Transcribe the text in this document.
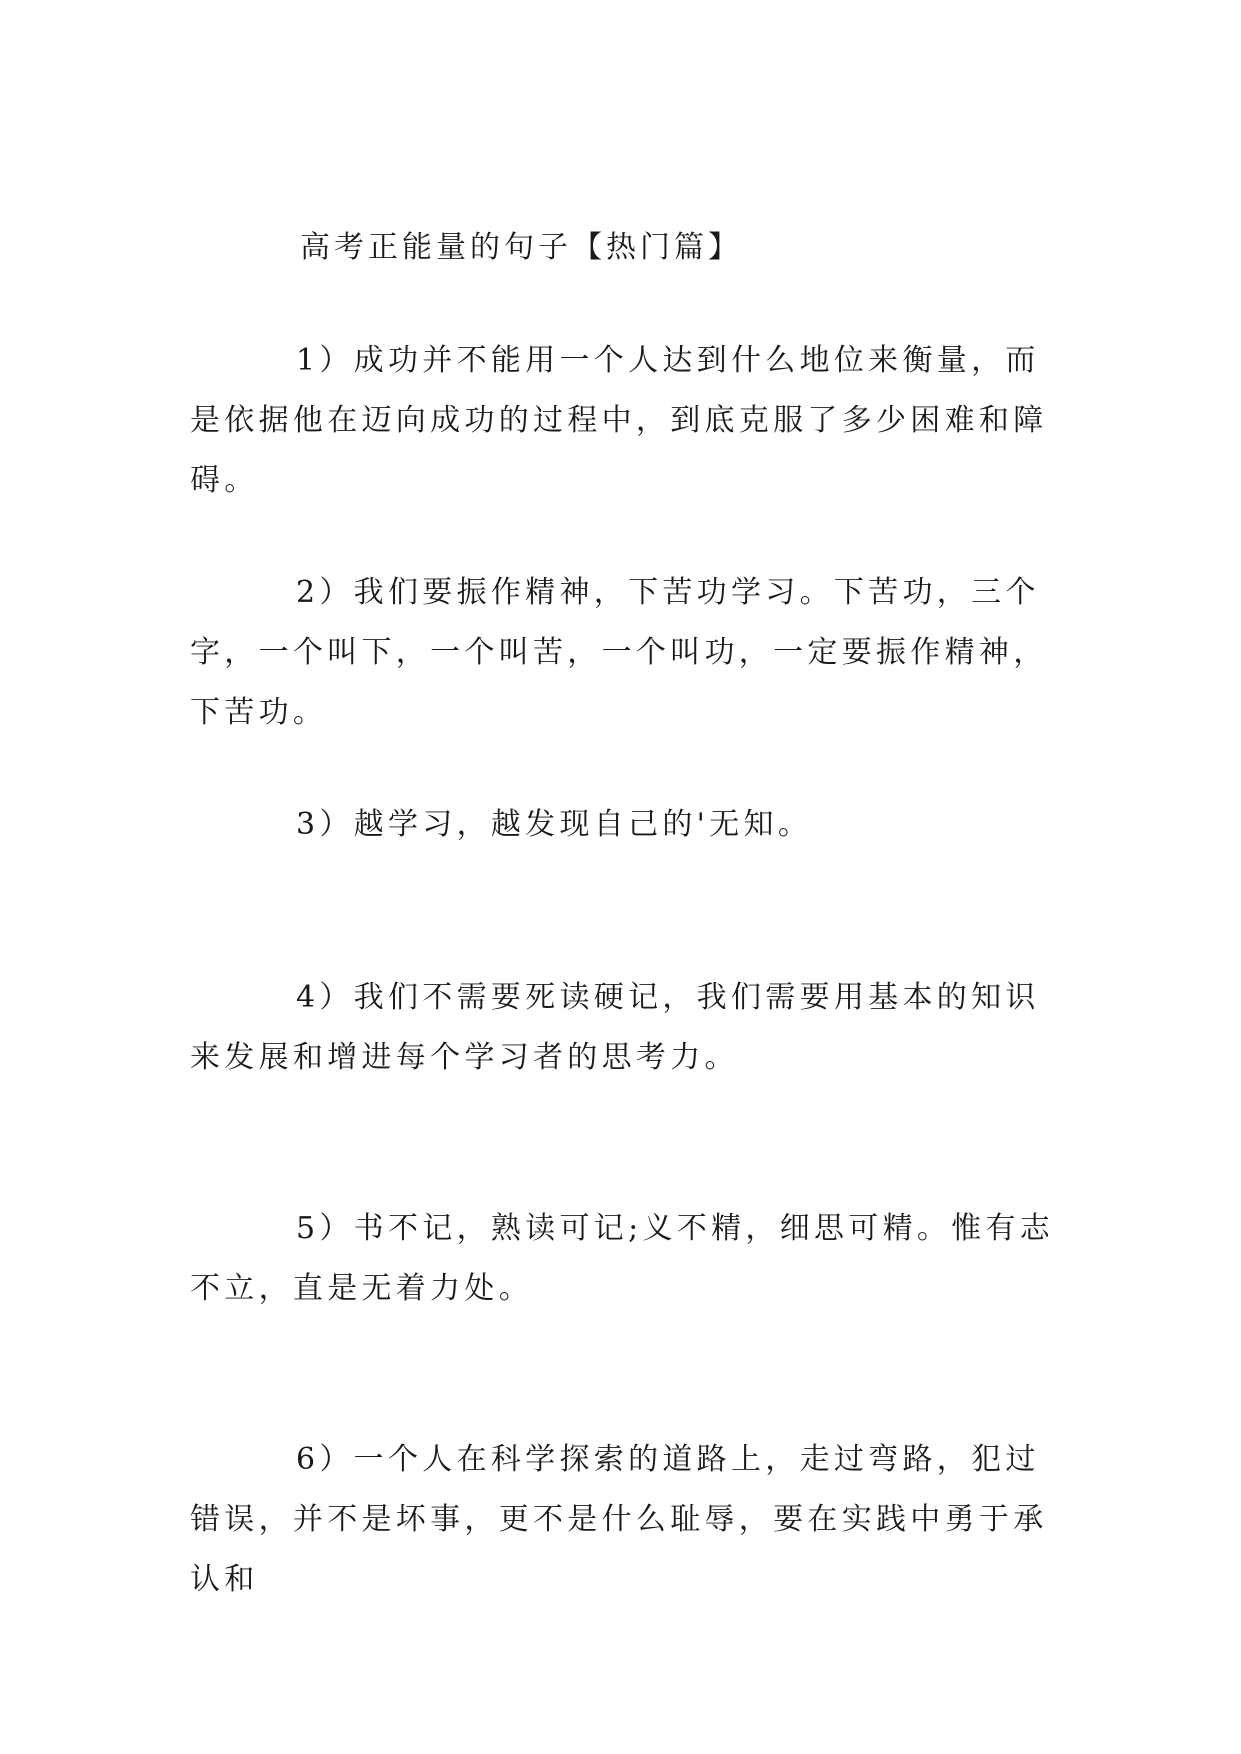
高考正能量的句子【热门篇】

1）成功并不能用一个人达到什么地位来衡量，而是依据他在迈向成功的过程中，到底克服了多少困难和障碍。

2）我们要振作精神，下苦功学习。下苦功，三个字，一个叫下，一个叫苦，一个叫功，一定要振作精神，下苦功。

3）越学习，越发现自己的'无知。

4）我们不需要死读硬记，我们需要用基本的知识来发展和增进每个学习者的思考力。

5）书不记，熟读可记;义不精，细思可精。惟有志不立，直是无着力处。

6）一个人在科学探索的道路上，走过弯路，犯过错误，并不是坏事，更不是什么耻辱，要在实践中勇于承认和
